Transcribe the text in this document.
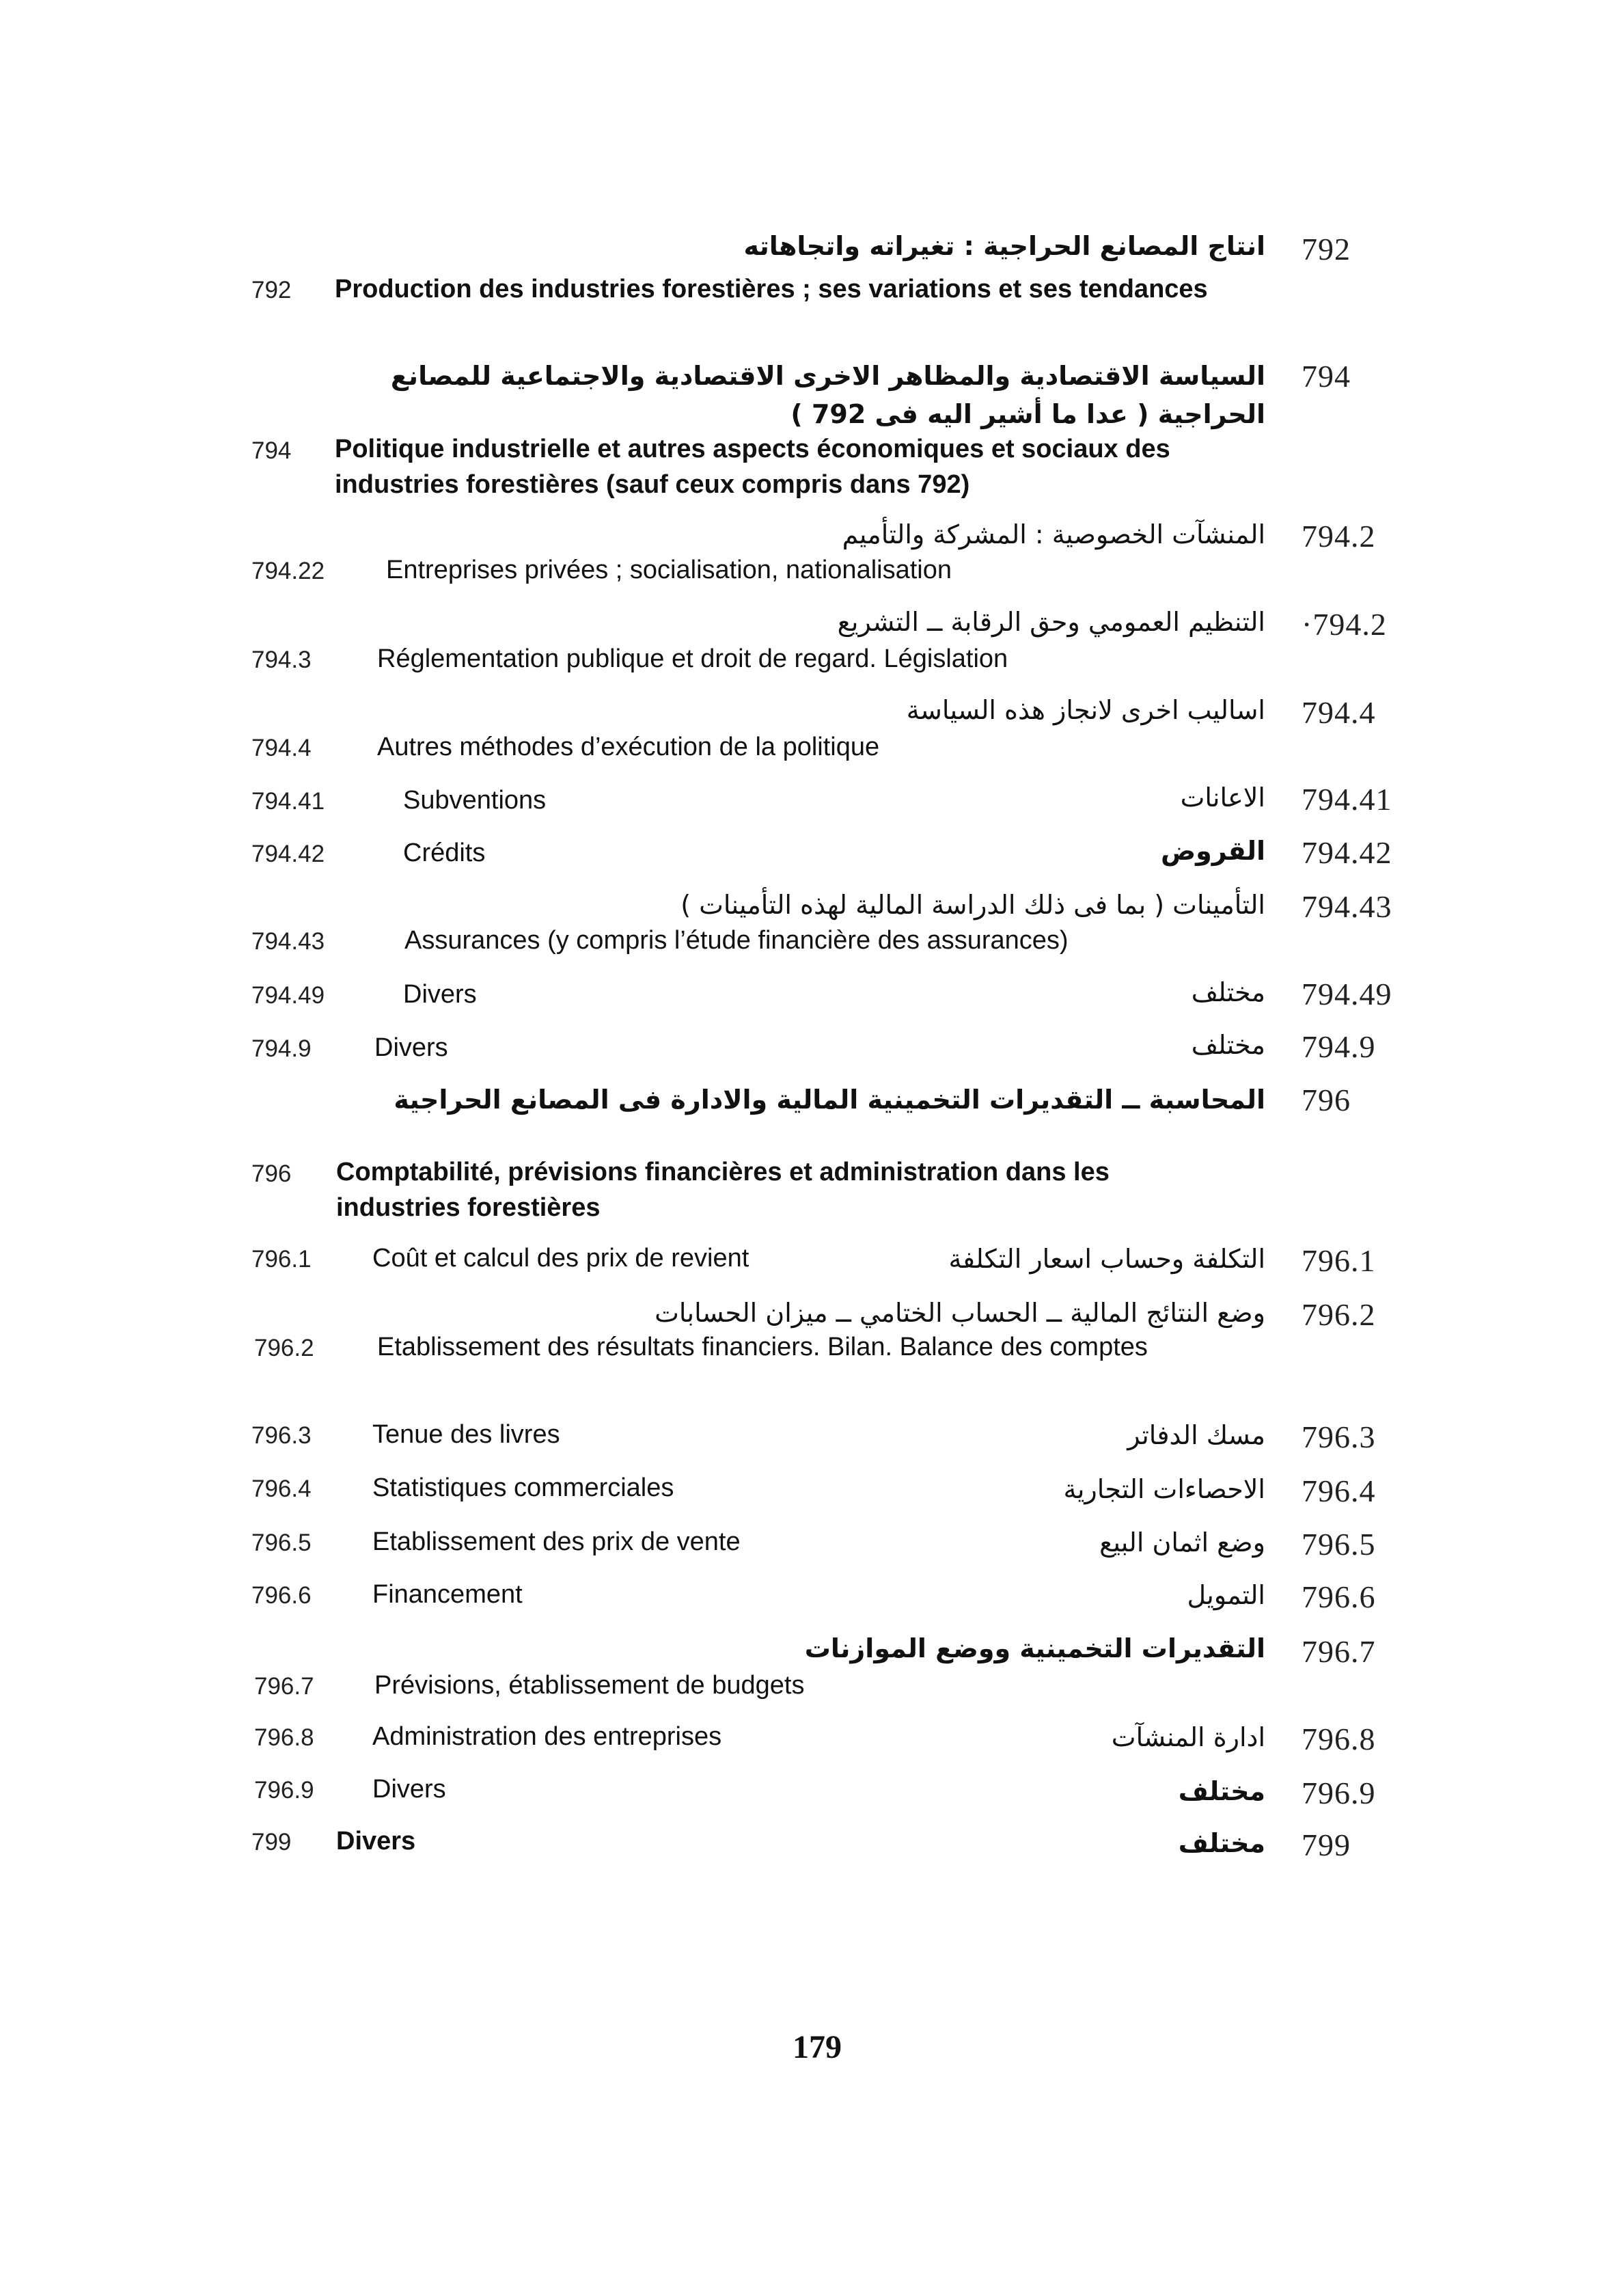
792
انتاج المصانع الحراجية : تغيراته واتجاهاته
792 Production des industries forestières ; ses variations et ses tendances
794
السياسة الاقتصادية والمظاهر الاخرى الاقتصادية والاجتماعية للمصانع الحراجية ( عدا ما أشير اليه فى 792 )
794 Politique industrielle et autres aspects économiques et sociaux des industries forestières (sauf ceux compris dans 792)
794.2
المنشآت الخصوصية : المشركة والتأميم
794.22 Entreprises privées ; socialisation, nationalisation
·794.2
التنظيم العمومي وحق الرقابة ــ التشريع
794.3	Réglementation publique et droit de regard. Législation
794.4
اساليب اخرى لانجاز هذه السياسة
794.4	Autres méthodes d’exécution de la politique
794.41
الاعانات
794.41	Subventions
794.42
القروض
794.42	Crédits
794.43
التأمينات ( بما فى ذلك الدراسة المالية لهذه التأمينات )
794.43	Assurances (y compris l’étude financière des assurances)
794.49
مختلف
794.49	Divers
794.9
مختلف
794.9 Divers
796
المحاسبة ــ التقديرات التخمينية المالية والادارة فى المصانع الحراجية
796 Comptabilité, prévisions financières et administration dans les industries forestières
796.1
التكلفة وحساب اسعار التكلفة
796.1 Coût et calcul des prix de revient
796.2
وضع النتائج المالية ــ الحساب الختامي ــ ميزان الحسابات
796.2 Etablissement des résultats financiers. Bilan. Balance des comptes
796.3
مسك الدفاتر
796.3 Tenue des livres
796.4
الاحصاءات التجارية
796.4 Statistiques commerciales
796.5
وضع اثمان البيع
796.5 Etablissement des prix de vente
796.6
التمويل
796.6 Financement
796.7
التقديرات التخمينية ووضع الموازنات
796.7 Prévisions, établissement de budgets
796.8
ادارة المنشآت
796.8 Administration des entreprises
796.9
مختلف
796.9 Divers
799
مختلف
799 Divers
179
